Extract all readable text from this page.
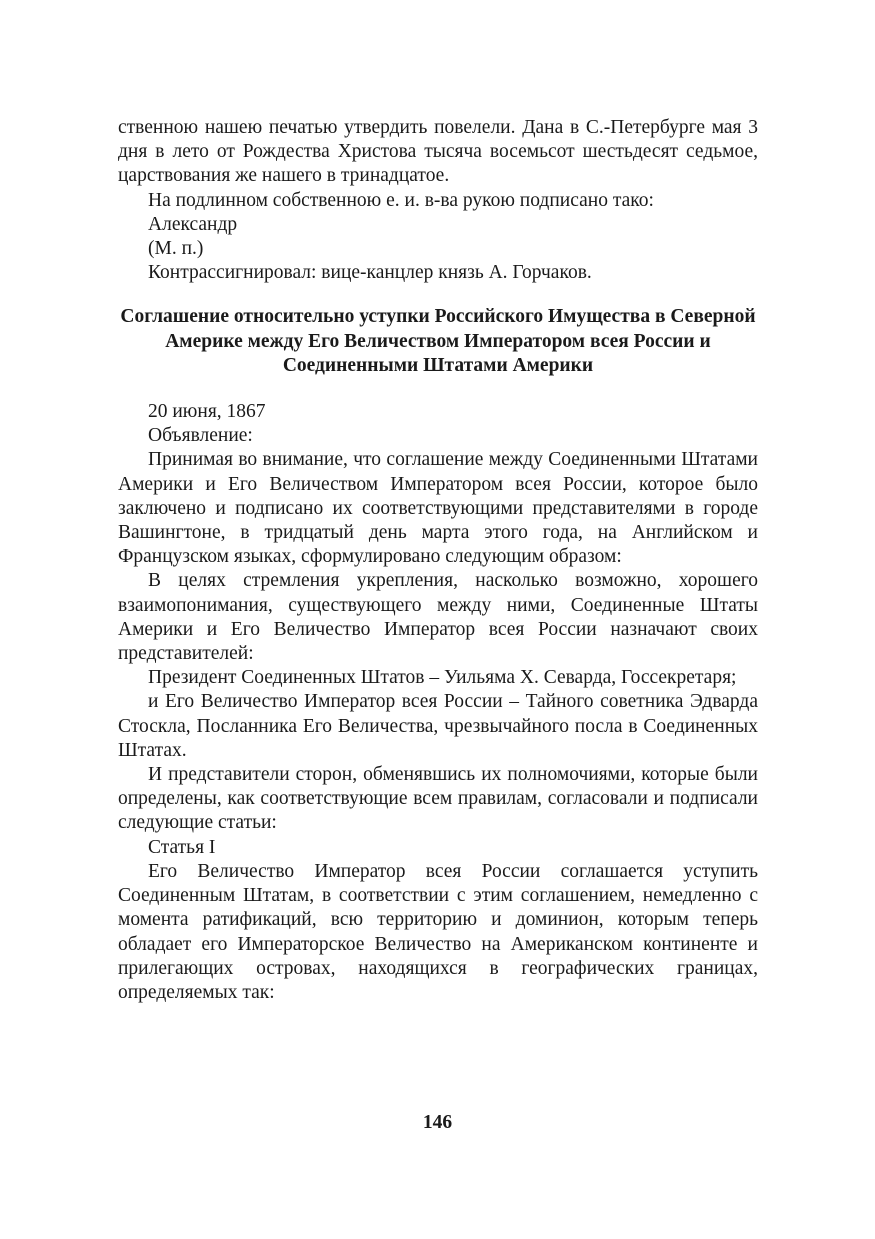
ственною нашею печатью утвердить повелели. Дана в С.-Петербурге мая 3 дня в лето от Рождества Христова тысяча восемьсот шестьдесят седьмое, царствования же нашего в тринадцатое.

На подлинном собственною е. и. в-ва рукою подписано тако:

Александр

(М. п.)

Контрассигнировал: вице-канцлер князь А. Горчаков.

Соглашение относительно уступки Российского Имущества в Северной Америке между Его Величеством Императором всея России и Соединенными Штатами Америки

20 июня, 1867

Объявление:

Принимая во внимание, что соглашение между Соединенными Штатами Америки и Его Величеством Императором всея России, которое было заключено и подписано их соответствующими представителями в городе Вашингтоне, в тридцатый день марта этого года, на Английском и Французском языках, сформулировано следующим образом:

В целях стремления укрепления, насколько возможно, хорошего взаимопонимания, существующего между ними, Соединенные Штаты Америки и Его Величество Император всея России назначают своих представителей:

Президент Соединенных Штатов – Уильяма Х. Севарда, Госсекретаря;

и Его Величество Император всея России – Тайного советника Эдварда Стоскла, Посланника Его Величества, чрезвычайного посла в Соединенных Штатах.

И представители сторон, обменявшись их полномочиями, которые были определены, как соответствующие всем правилам, согласовали и подписали следующие статьи:

Статья I

Его Величество Император всея России соглашается уступить Соединенным Штатам, в соответствии с этим соглашением, немедленно с момента ратификаций, всю территорию и доминион, которым теперь обладает его Императорское Величество на Американском континенте и прилегающих островах, находящихся в географических границах, определяемых так:

146
